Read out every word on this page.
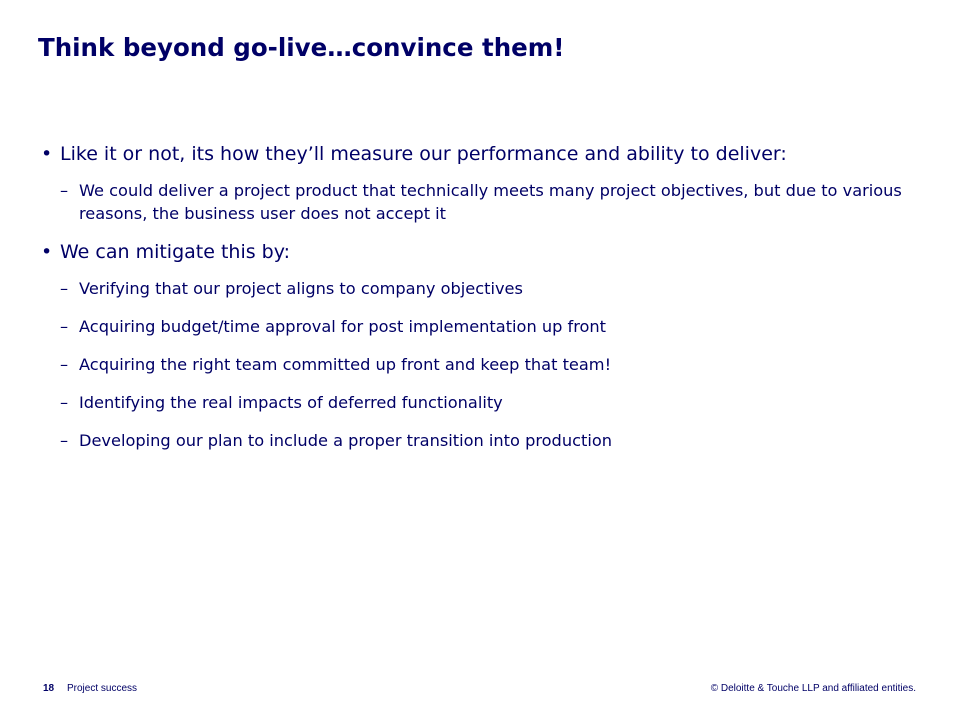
Think beyond go-live…convince them!
• Like it or not, its how they’ll measure our performance and ability to deliver:
– We could deliver a project product that technically meets many project objectives, but due to various reasons, the business user does not accept it
• We can mitigate this by:
– Verifying that our project aligns to company objectives
– Acquiring budget/time approval for post implementation up front
– Acquiring the right team committed up front and keep that team!
– Identifying the real impacts of deferred functionality
– Developing our plan to include a proper transition into production
18 Project success	© Deloitte & Touche LLP and affiliated entities.
